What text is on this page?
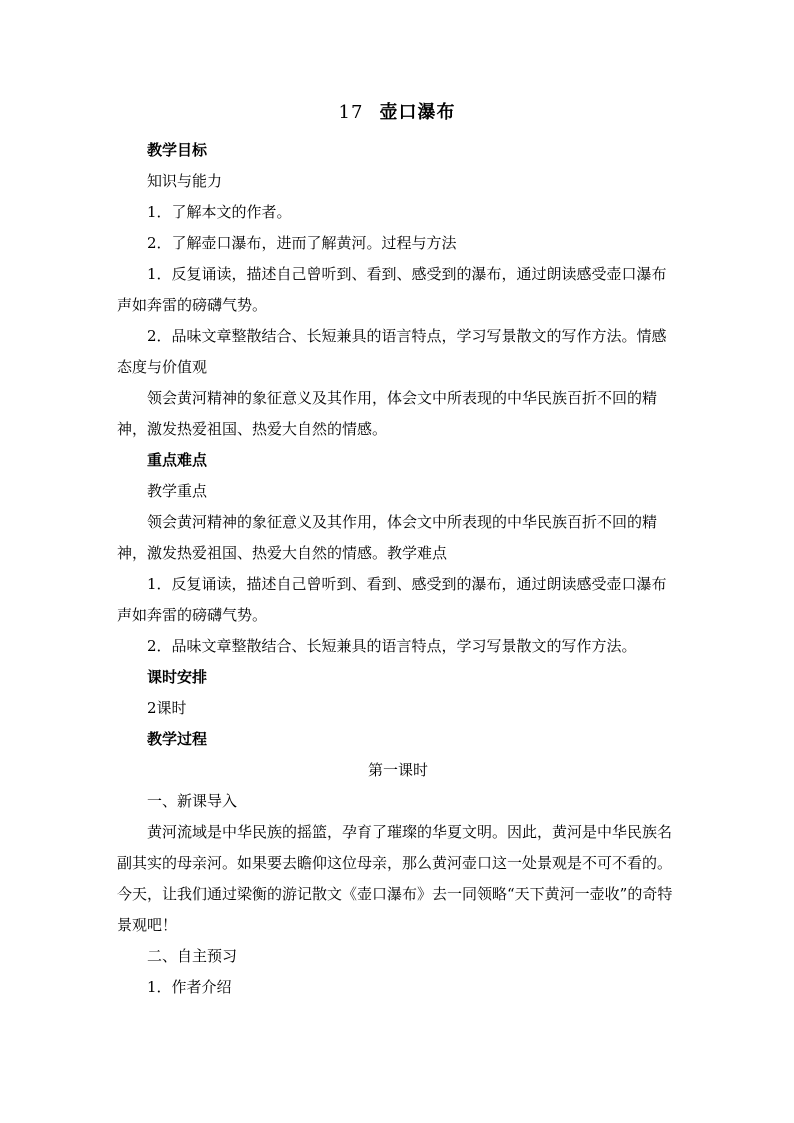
17 壶口瀑布

教学目标

知识与能力

1．了解本文的作者。

2．了解壶口瀑布，进而了解黄河。过程与方法

1．反复诵读，描述自己曾听到、看到、感受到的瀑布，通过朗读感受壶口瀑布声如奔雷的磅礴气势。

2．品味文章整散结合、长短兼具的语言特点，学习写景散文的写作方法。情感态度与价值观

领会黄河精神的象征意义及其作用，体会文中所表现的中华民族百折不回的精神，激发热爱祖国、热爱大自然的情感。

重点难点

教学重点

领会黄河精神的象征意义及其作用，体会文中所表现的中华民族百折不回的精神，激发热爱祖国、热爱大自然的情感。教学难点

1．反复诵读，描述自己曾听到、看到、感受到的瀑布，通过朗读感受壶口瀑布声如奔雷的磅礴气势。

2．品味文章整散结合、长短兼具的语言特点，学习写景散文的写作方法。

课时安排

2课时

教学过程

第一课时

一、新课导入

黄河流域是中华民族的摇篮，孕育了璀璨的华夏文明。因此，黄河是中华民族名副其实的母亲河。如果要去瞻仰这位母亲，那么黄河壶口这一处景观是不可不看的。今天，让我们通过梁衡的游记散文《壶口瀑布》去一同领略“天下黄河一壶收”的奇特景观吧！

二、自主预习

1．作者介绍
